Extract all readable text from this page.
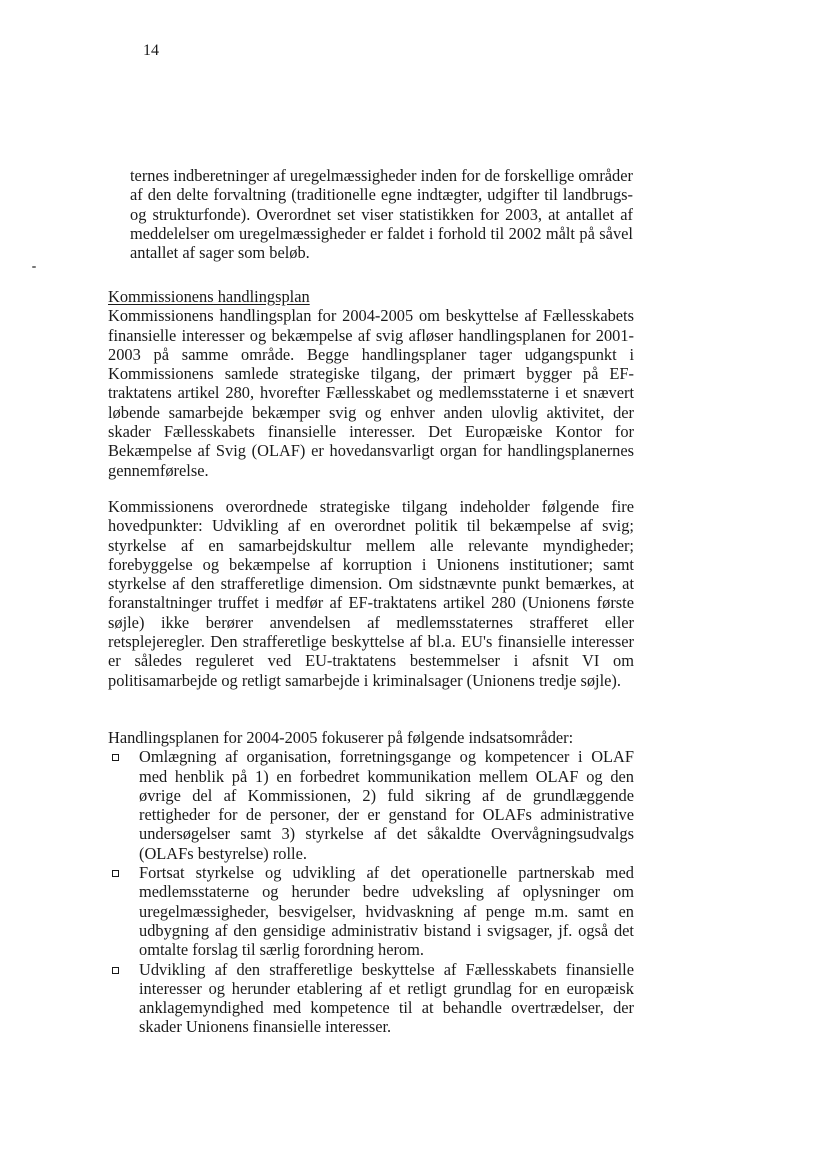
14

ternes indberetninger af uregelmæssigheder inden for de forskellige områder af den delte forvaltning (traditionelle egne indtægter, udgifter til landbrugs- og strukturfonde). Overordnet set viser statistikken for 2003, at antallet af meddelelser om uregelmæssigheder er faldet i forhold til 2002 målt på såvel antallet af sager som beløb.

Kommissionens handlingsplan

Kommissionens handlingsplan for 2004-2005 om beskyttelse af Fællesskabets finansielle interesser og bekæmpelse af svig afløser handlingsplanen for 2001-2003 på samme område. Begge handlingsplaner tager udgangspunkt i Kommissionens samlede strategiske tilgang, der primært bygger på EF-traktatens artikel 280, hvorefter Fællesskabet og medlemsstaterne i et snævert løbende samarbejde bekæmper svig og enhver anden ulovlig aktivitet, der skader Fællesskabets finansielle interesser. Det Europæiske Kontor for Bekæmpelse af Svig (OLAF) er hovedansvarligt organ for handlingsplanernes gennemførelse.

Kommissionens overordnede strategiske tilgang indeholder følgende fire hovedpunkter: Udvikling af en overordnet politik til bekæmpelse af svig; styrkelse af en samarbejdskultur mellem alle relevante myndigheder; forebyggelse og bekæmpelse af korruption i Unionens institutioner; samt styrkelse af den strafferetlige dimension. Om sidstnævnte punkt bemærkes, at foranstaltninger truffet i medfør af EF-traktatens artikel 280 (Unionens første søjle) ikke berører anvendelsen af medlemsstaternes strafferet eller retsplejeregler. Den strafferetlige beskyttelse af bl.a. EU's finansielle interesser er således reguleret ved EU-traktatens bestemmelser i afsnit VI om politisamarbejde og retligt samarbejde i kriminalsager (Unionens tredje søjle).

Handlingsplanen for 2004-2005 fokuserer på følgende indsatsområder:

Omlægning af organisation, forretningsgange og kompetencer i OLAF med henblik på 1) en forbedret kommunikation mellem OLAF og den øvrige del af Kommissionen, 2) fuld sikring af de grundlæggende rettigheder for de personer, der er genstand for OLAFs administrative undersøgelser samt 3) styrkelse af det såkaldte Overvågningsudvalgs (OLAFs bestyrelse) rolle.
Fortsat styrkelse og udvikling af det operationelle partnerskab med medlemsstaterne og herunder bedre udveksling af oplysninger om uregelmæssigheder, besvigelser, hvidvaskning af penge m.m. samt en udbygning af den gensidige administrativ bistand i svigsager, jf. også det omtalte forslag til særlig forordning herom.
Udvikling af den strafferetlige beskyttelse af Fællesskabets finansielle interesser og herunder etablering af et retligt grundlag for en europæisk anklagemyndighed med kompetence til at behandle overtrædelser, der skader Unionens finansielle interesser.
